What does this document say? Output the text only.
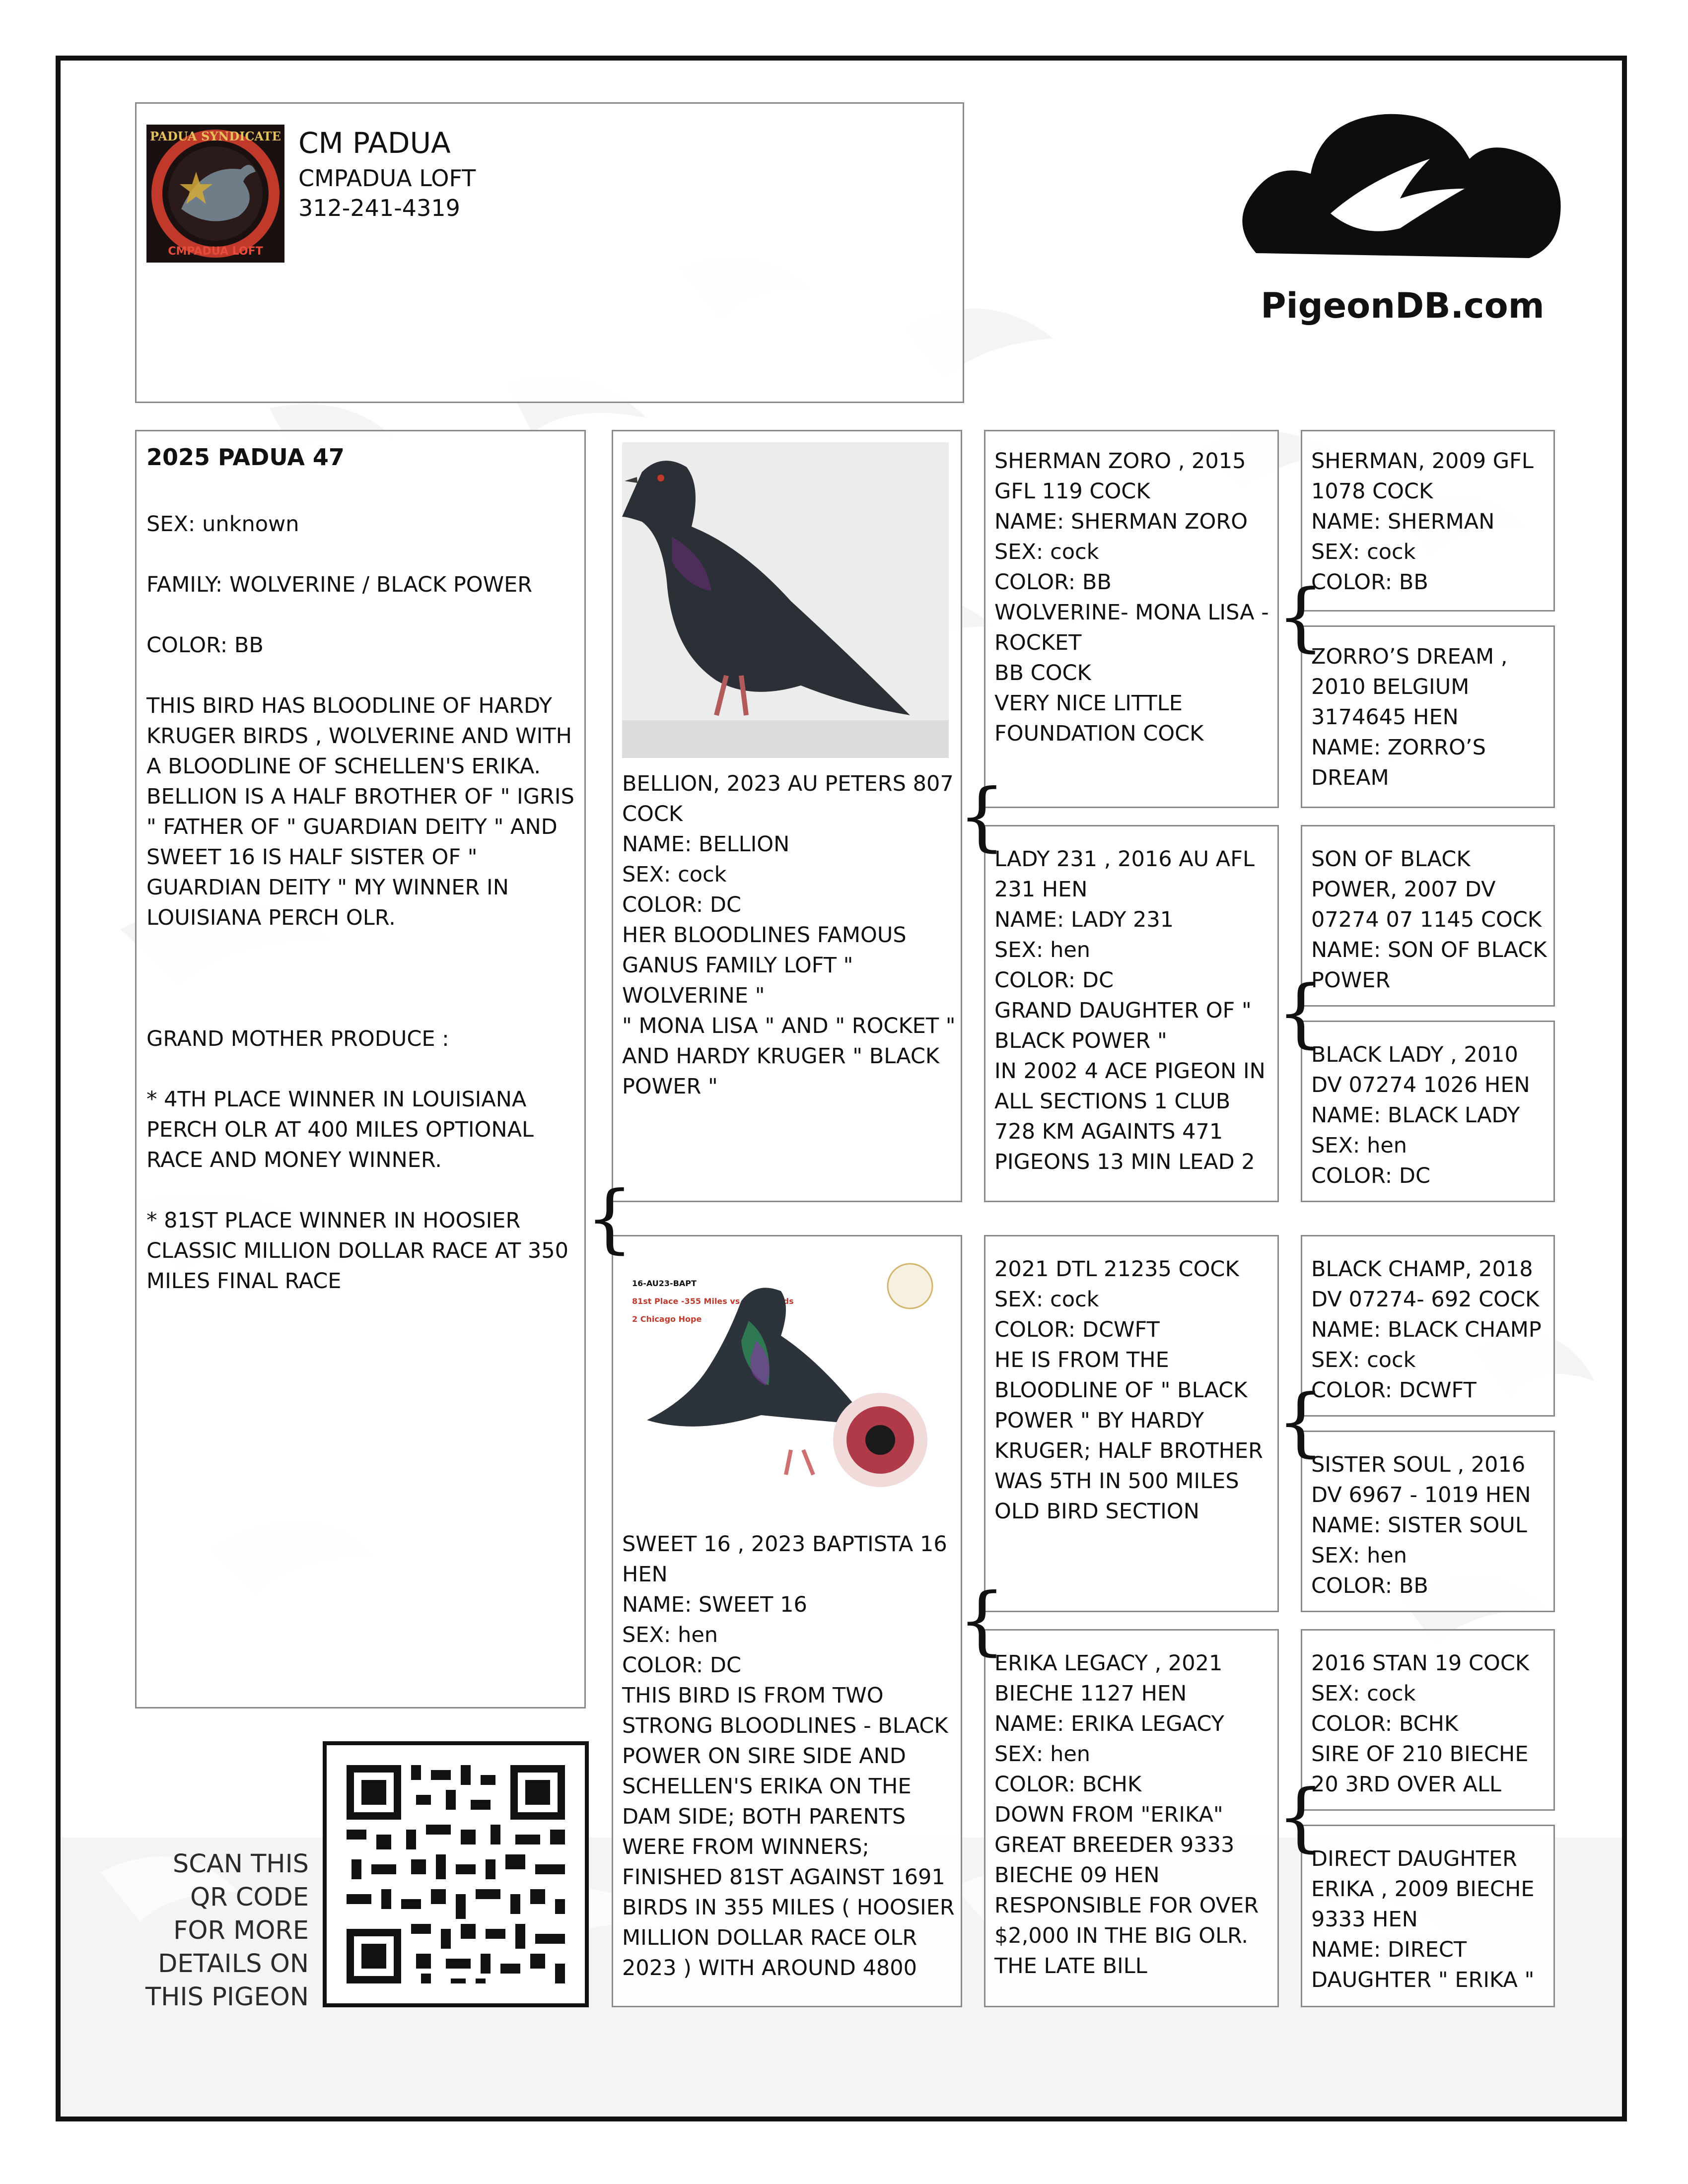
PADUA SYNDICATE
CMPADUA LOFT
CM PADUA
CMPADUA LOFT
312-241-4319
PigeonDB.com
2025 PADUA 47

SEX: unknown

FAMILY: WOLVERINE / BLACK POWER

COLOR: BB

THIS BIRD HAS BLOODLINE OF HARDY KRUGER BIRDS , WOLVERINE AND WITH A BLOODLINE OF SCHELLEN'S ERIKA. BELLION IS A HALF BROTHER OF " IGRIS " FATHER OF " GUARDIAN DEITY " AND SWEET 16 IS HALF SISTER OF " GUARDIAN DEITY " MY WINNER IN LOUISIANA PERCH OLR.

GRAND MOTHER PRODUCE :

* 4TH PLACE WINNER IN LOUISIANA PERCH OLR AT 400 MILES OPTIONAL RACE AND MONEY WINNER.

* 81ST PLACE WINNER IN HOOSIER CLASSIC MILLION DOLLAR RACE AT 350 MILES FINAL RACE

SCAN THIS
QR CODE
FOR MORE
DETAILS ON
THIS PIGEON
BELLION, 2023 AU PETERS 807 COCK
NAME: BELLION
SEX: cock
COLOR: DC
HER BLOODLINES FAMOUS GANUS FAMILY LOFT " WOLVERINE "
" MONA LISA " AND " ROCKET " AND HARDY KRUGER " BLACK POWER "
16-AU23-BAPT
81st Place -355 Miles vs. 1692 Birds
2 Chicago Hope
SWEET 16 , 2023 BAPTISTA 16 HEN
NAME: SWEET 16
SEX: hen
COLOR: DC
THIS BIRD IS FROM TWO STRONG BLOODLINES - BLACK POWER ON SIRE SIDE AND SCHELLEN'S ERIKA ON THE DAM SIDE; BOTH PARENTS WERE FROM WINNERS; FINISHED 81ST AGAINST 1691 BIRDS IN 355 MILES ( HOOSIER MILLION DOLLAR RACE OLR 2023 ) WITH AROUND 4800
SHERMAN ZORO , 2015 GFL 119 COCK
NAME: SHERMAN ZORO
SEX: cock
COLOR: BB
WOLVERINE- MONA LISA - ROCKET
BB COCK
VERY NICE LITTLE FOUNDATION COCK
LADY 231 , 2016 AU AFL 231 HEN
NAME: LADY 231
SEX: hen
COLOR: DC
GRAND DAUGHTER OF " BLACK POWER "
IN 2002 4 ACE PIGEON IN ALL SECTIONS 1 CLUB 728 KM AGAINTS 471 PIGEONS 13 MIN LEAD 2
2021 DTL 21235 COCK
SEX: cock
COLOR: DCWFT
HE IS FROM THE BLOODLINE OF " BLACK POWER " BY HARDY KRUGER; HALF BROTHER WAS 5TH IN 500 MILES OLD BIRD SECTION
ERIKA LEGACY , 2021 BIECHE 1127 HEN
NAME: ERIKA LEGACY
SEX: hen
COLOR: BCHK
DOWN FROM "ERIKA" GREAT BREEDER 9333 BIECHE 09 HEN RESPONSIBLE FOR OVER $2,000 IN THE BIG OLR. THE LATE BILL
SHERMAN, 2009 GFL 1078 COCK
NAME: SHERMAN
SEX: cock
COLOR: BB
ZORRO’S DREAM , 2010 BELGIUM 3174645 HEN
NAME: ZORRO’S DREAM
SON OF BLACK POWER, 2007 DV 07274 07 1145 COCK
NAME: SON OF BLACK POWER
BLACK LADY , 2010 DV 07274 1026 HEN
NAME: BLACK LADY
SEX: hen
COLOR: DC
BLACK CHAMP, 2018 DV 07274- 692 COCK
NAME: BLACK CHAMP
SEX: cock
COLOR: DCWFT
SISTER SOUL , 2016 DV 6967 - 1019 HEN
NAME: SISTER SOUL
SEX: hen
COLOR: BB
2016 STAN 19 COCK
SEX: cock
COLOR: BCHK
SIRE OF 210 BIECHE 20 3RD OVER ALL
DIRECT DAUGHTER ERIKA , 2009 BIECHE 9333 HEN
NAME: DIRECT DAUGHTER " ERIKA "
{
{
{
{
{
{
{
